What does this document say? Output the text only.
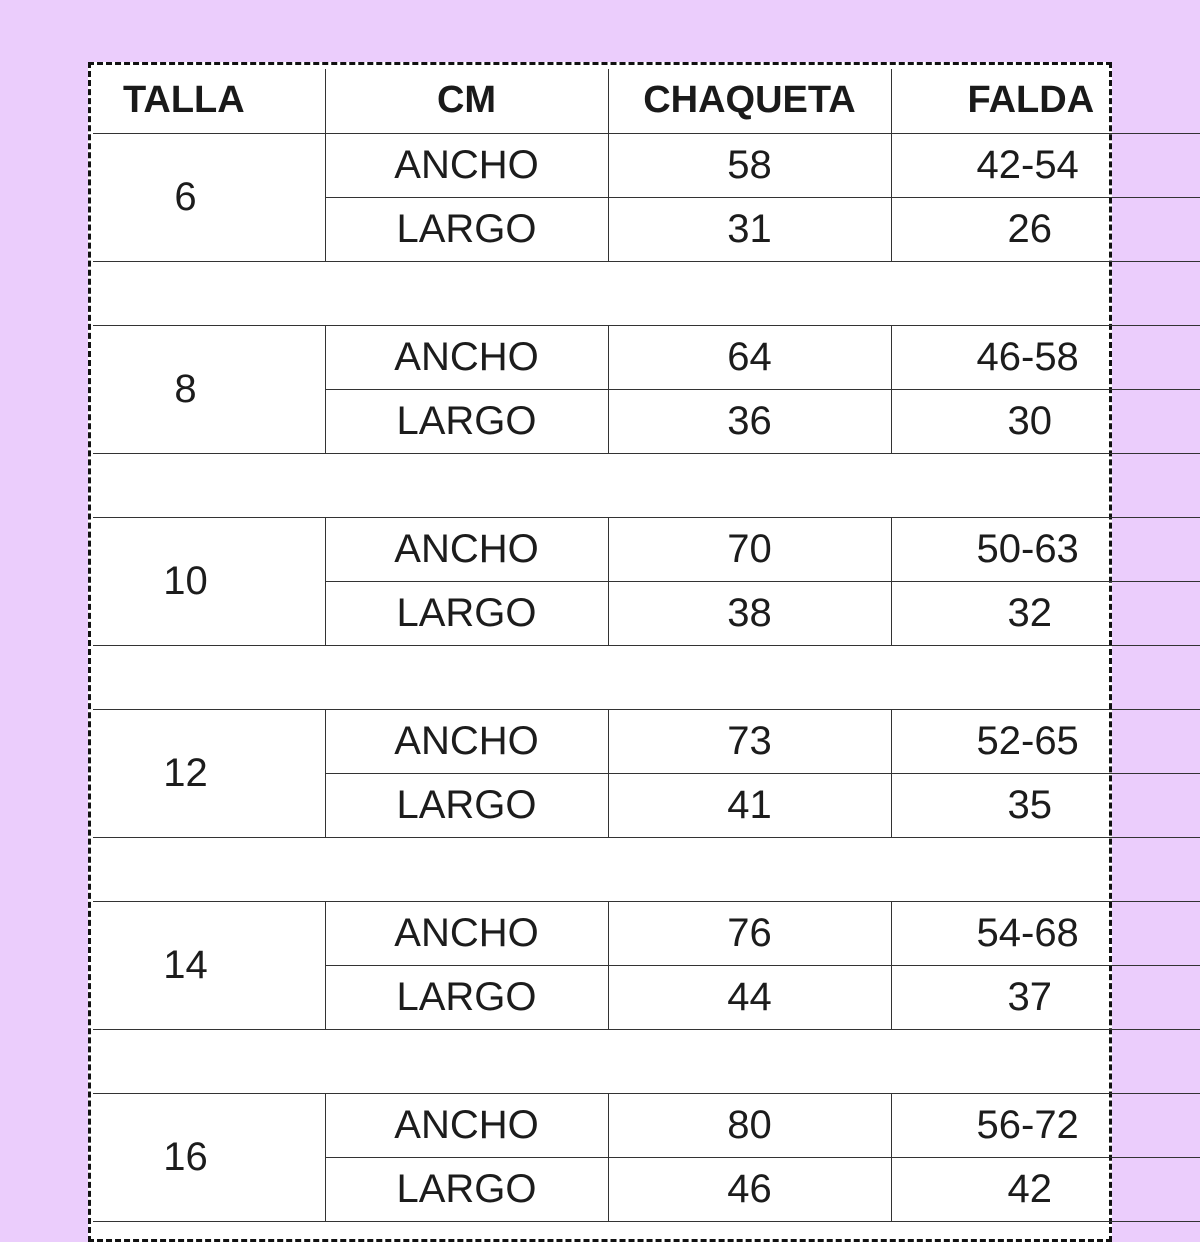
TALLA	CM	CHAQUETA	FALDA
6	ANCHO	58	42-54
	LARGO	31	26

8	ANCHO	64	46-58
	LARGO	36	30

10	ANCHO	70	50-63
	LARGO	38	32

12	ANCHO	73	52-65
	LARGO	41	35

14	ANCHO	76	54-68
	LARGO	44	37

16	ANCHO	80	56-72
	LARGO	46	42
